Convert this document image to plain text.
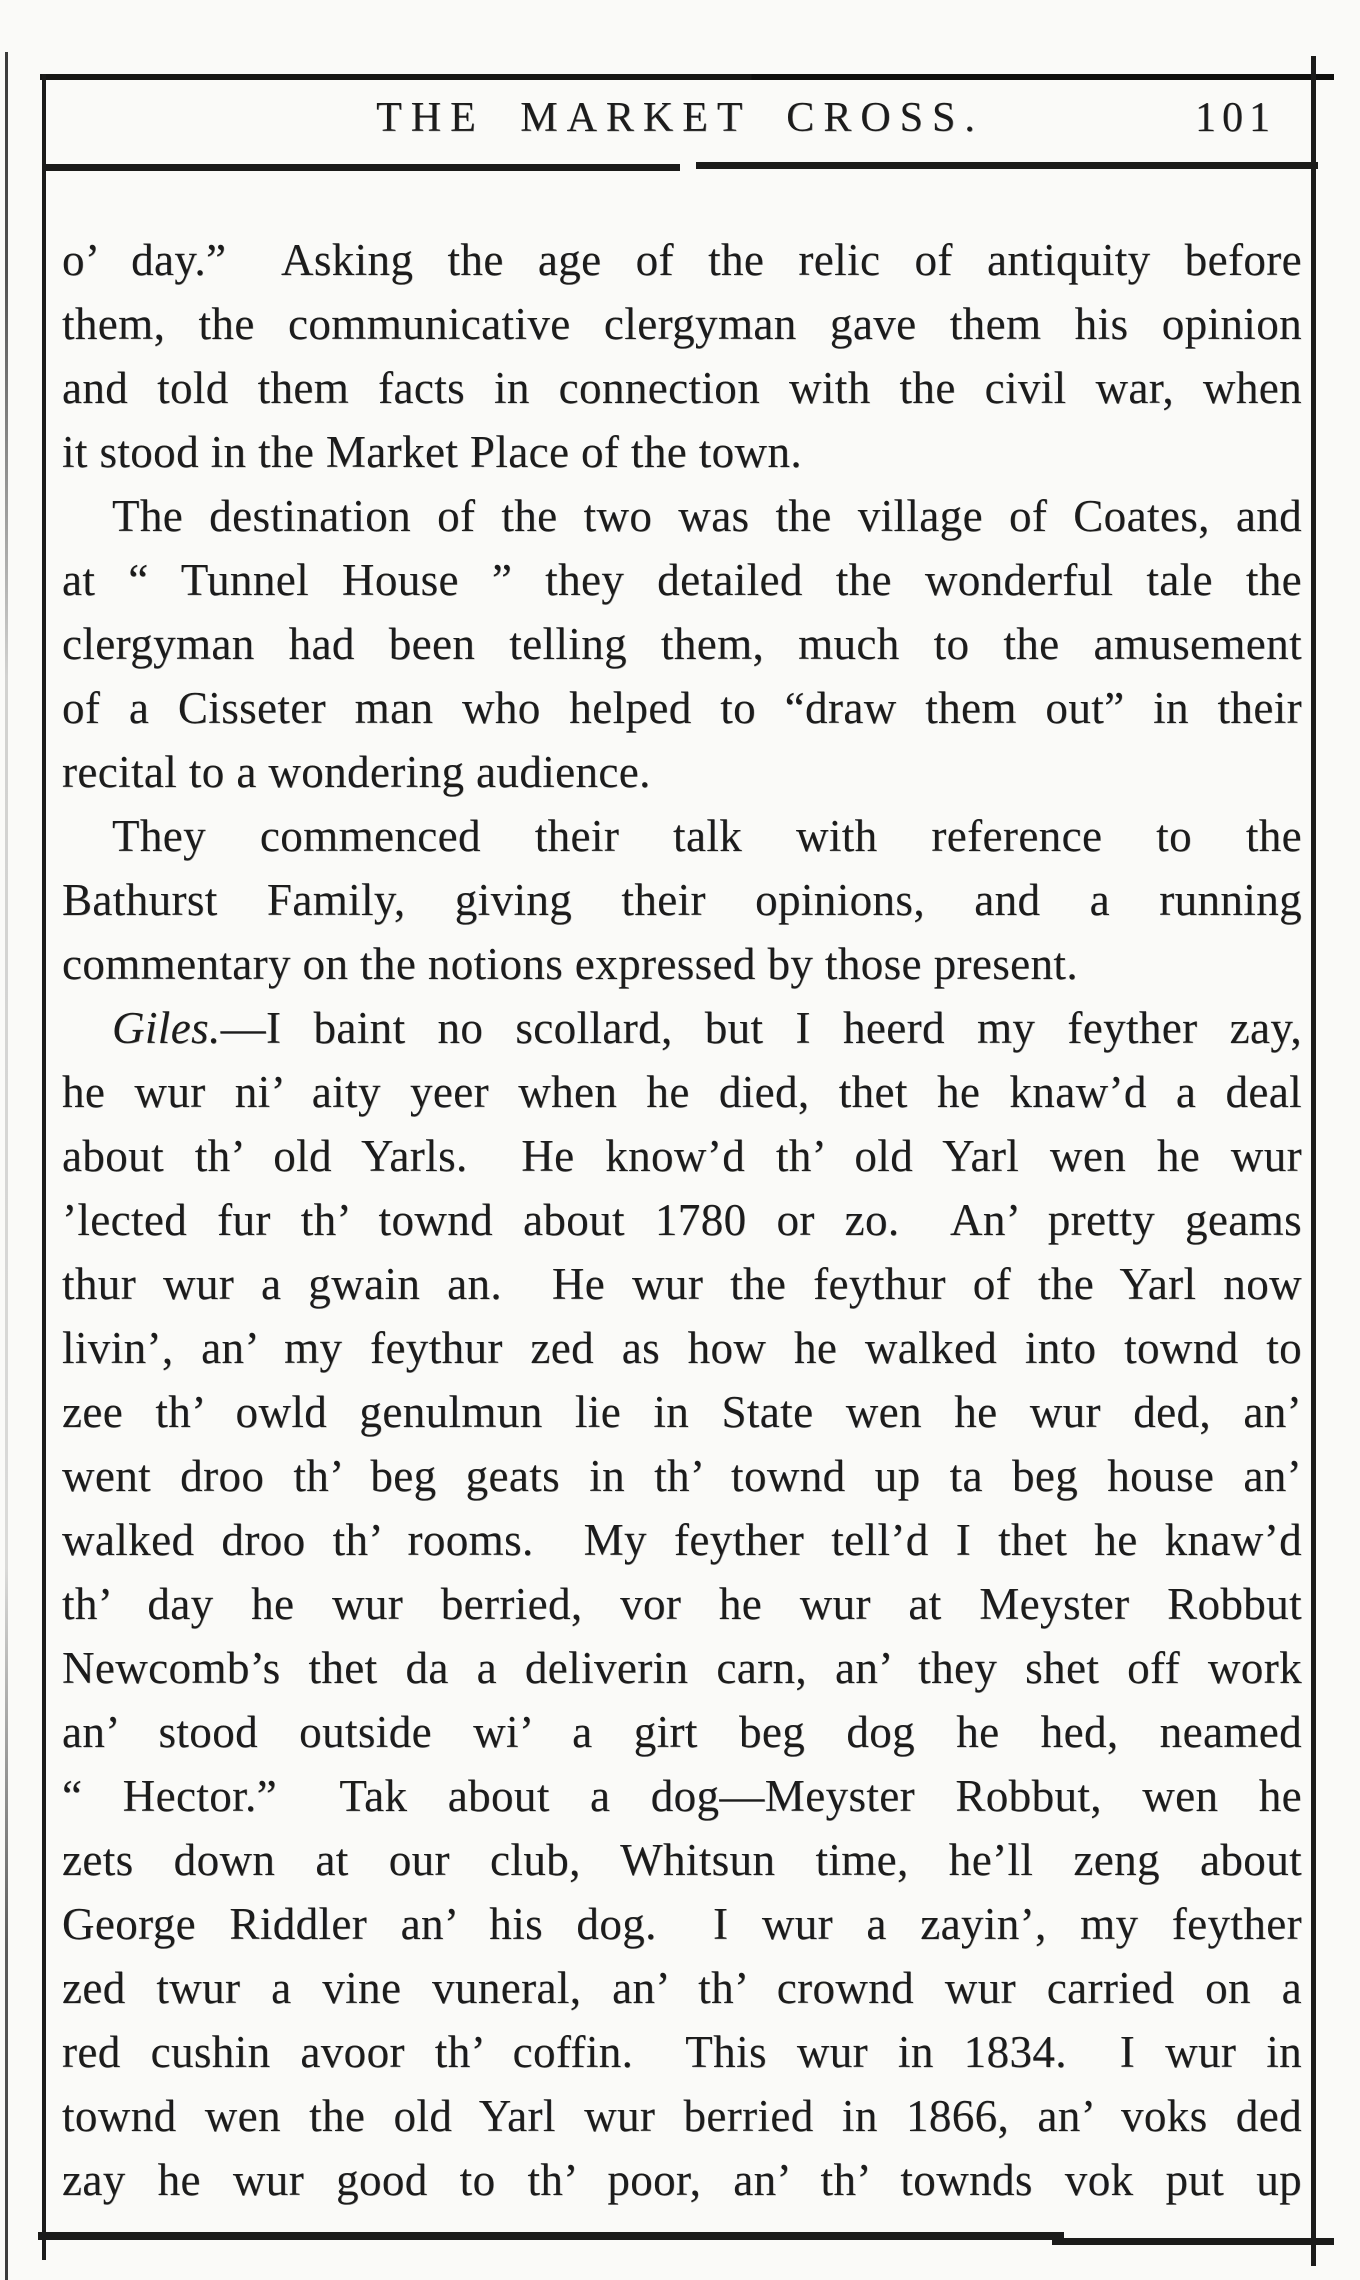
THE MARKET CROSS.	101
o’ day.”  Asking the age of the relic of antiquity before
them, the communicative clergyman gave them his opinion
and told them facts in connection with the civil war, when
it stood in the Market Place of the town.
The destination of the two was the village of Coates, and
at “ Tunnel House ” they detailed the wonderful tale the
clergyman had been telling them, much to the amusement
of a Cisseter man who helped to “draw them out” in their
recital to a wondering audience.
They commenced their talk with reference to the
Bathurst Family, giving their opinions, and a running
commentary on the notions expressed by those present.
Giles.—I baint no scollard, but I heerd my feyther zay,
he wur ni’ aity yeer when he died, thet he knaw’d a deal
about th’ old Yarls.  He know’d th’ old Yarl wen he wur
’lected fur th’ townd about 1780 or zo.  An’ pretty geams
thur wur a gwain an.  He wur the feythur of the Yarl now
livin’, an’ my feythur zed as how he walked into townd to
zee th’ owld genulmun lie in State wen he wur ded, an’
went droo th’ beg geats in th’ townd up ta beg house an’
walked droo th’ rooms.  My feyther tell’d I thet he knaw’d
th’ day he wur berried, vor he wur at Meyster Robbut
Newcomb’s thet da a deliverin carn, an’ they shet off work
an’ stood outside wi’ a girt beg dog he hed, neamed
“ Hector.”  Tak about a dog—Meyster Robbut, wen he
zets down at our club, Whitsun time, he’ll zeng about
George Riddler an’ his dog.  I wur a zayin’, my feyther
zed twur a vine vuneral, an’ th’ crownd wur carried on a
red cushin avoor th’ coffin.  This wur in 1834.  I wur in
townd wen the old Yarl wur berried in 1866, an’ voks ded
zay he wur good to th’ poor, an’ th’ townds vok put up
